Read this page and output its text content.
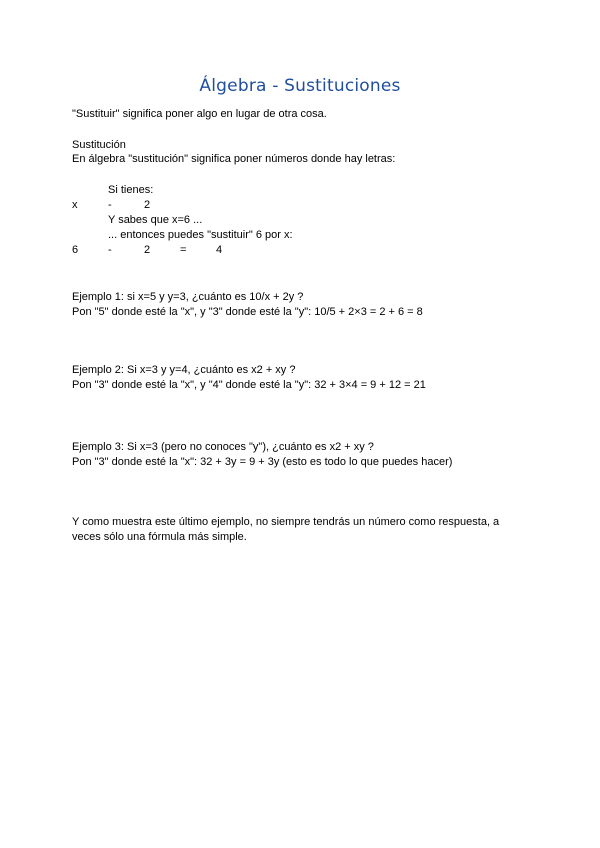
Álgebra - Sustituciones
"Sustituir" significa poner algo en lugar de otra cosa.
Sustitución
En álgebra "sustitución" significa poner números donde hay letras:
Si tienes:
x	-	2
Y sabes que x=6 ...
... entonces puedes "sustituir" 6 por x:
6	-	2	=	4
Ejemplo 1: si x=5 y y=3, ¿cuánto es 10/x + 2y ?
Pon "5" donde esté la "x", y "3" donde esté la "y": 10/5 + 2×3 = 2 + 6 = 8
Ejemplo 2: Si x=3 y y=4, ¿cuánto es x2 + xy ?
Pon "3" donde esté la "x", y "4" donde esté la "y": 32 + 3×4 = 9 + 12 = 21
Ejemplo 3: Si x=3 (pero no conoces "y"), ¿cuánto es x2 + xy ?
Pon "3" donde esté la "x": 32 + 3y = 9 + 3y (esto es todo lo que puedes hacer)
Y como muestra este último ejemplo, no siempre tendrás un número como respuesta, a
veces sólo una fórmula más simple.
